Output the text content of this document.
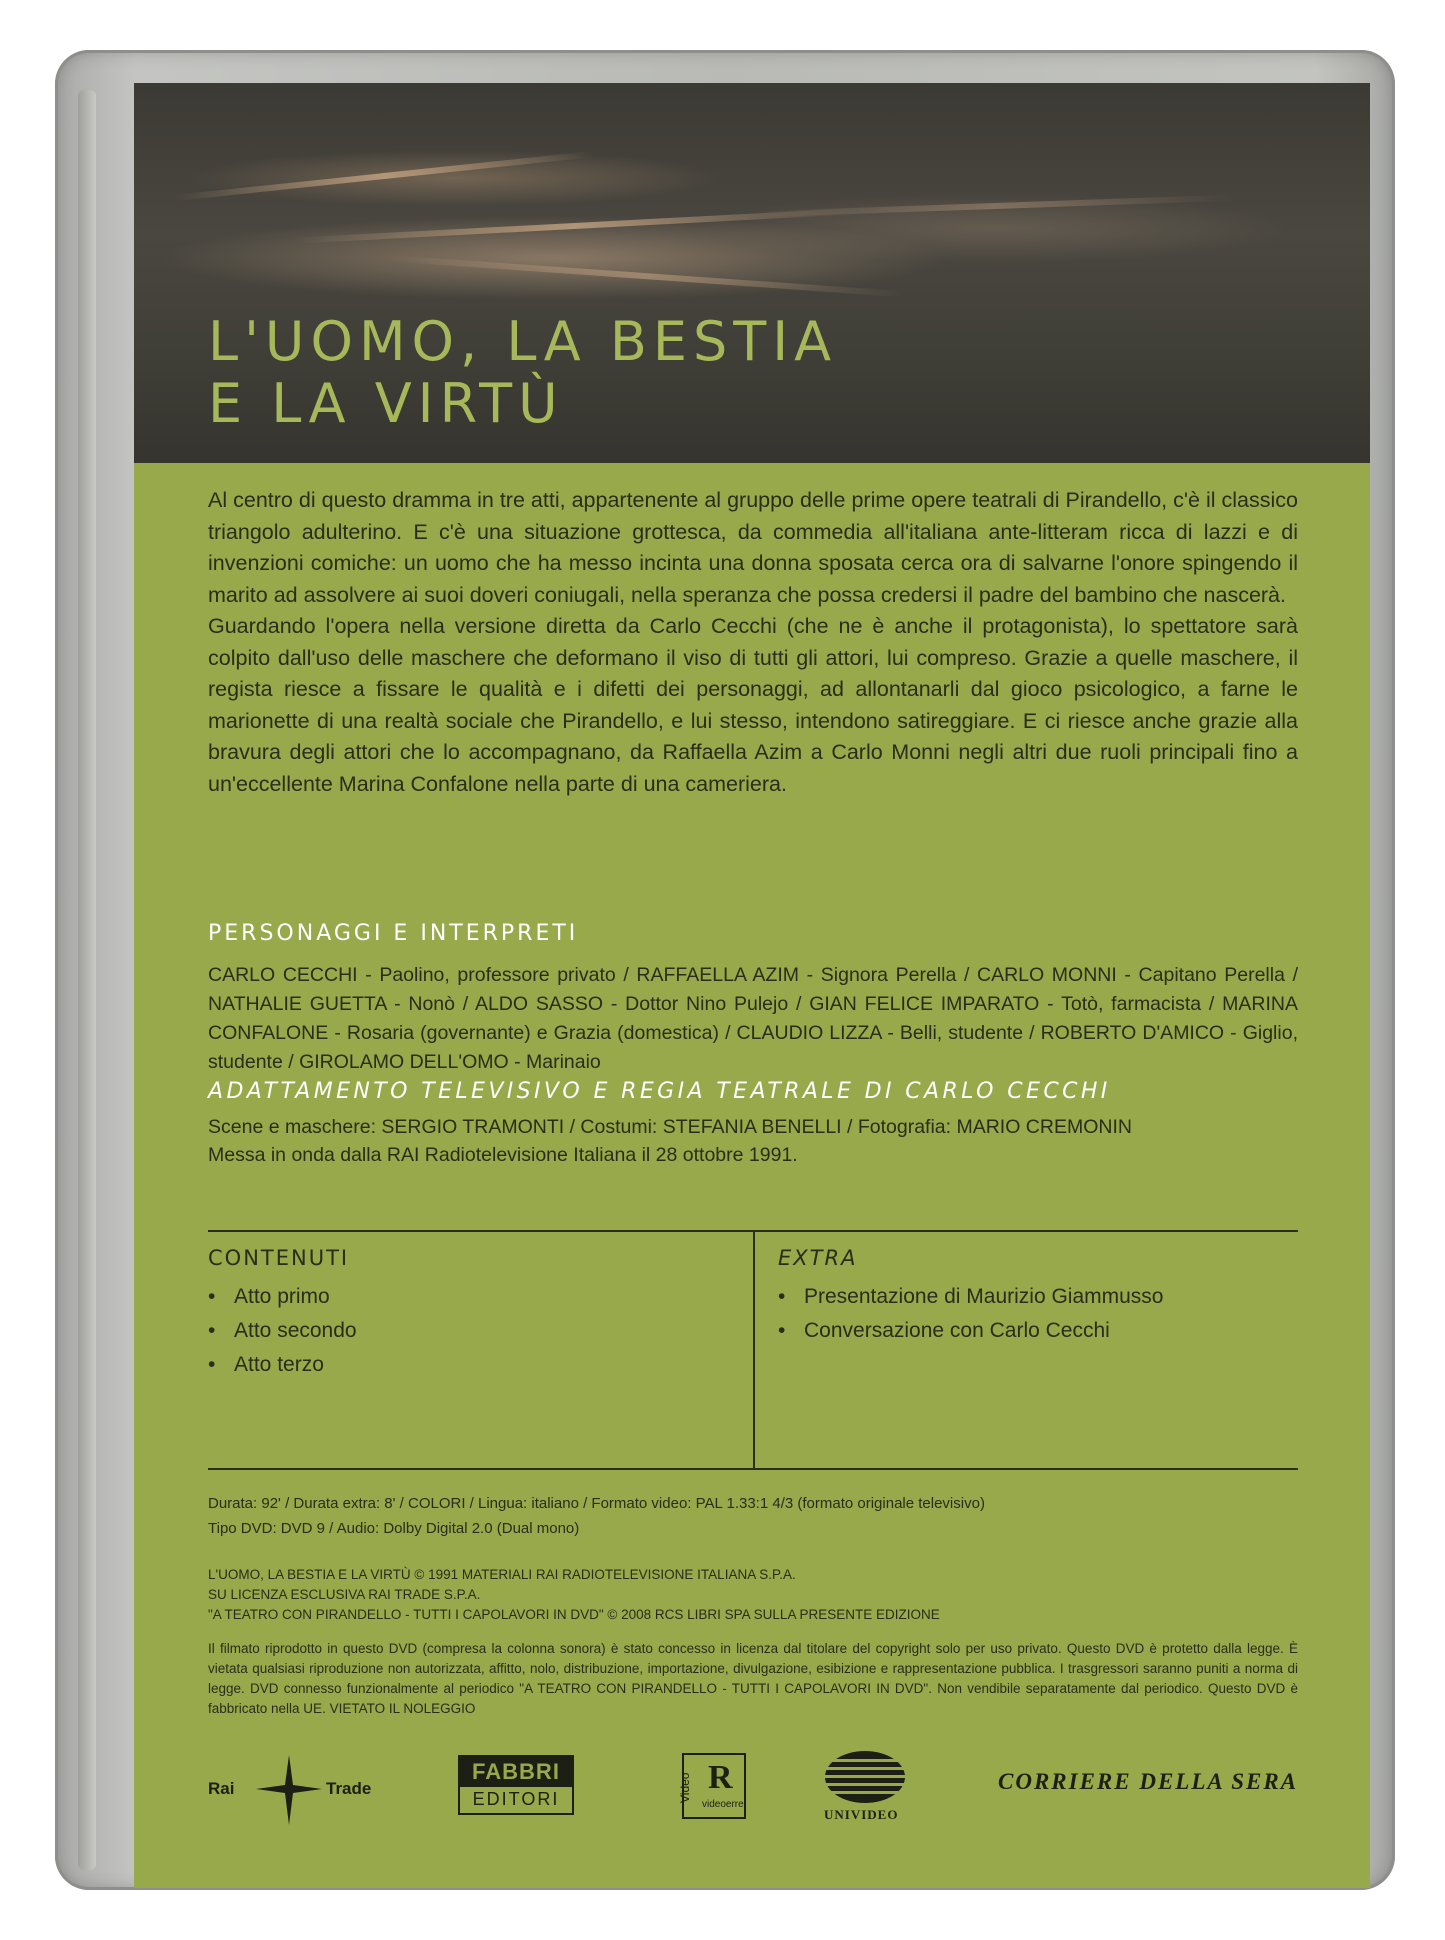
L'UOMO, LA BESTIA
E LA VIRTÙ

Al centro di questo dramma in tre atti, appartenente al gruppo delle prime opere teatrali di Pirandello, c'è il classico triangolo adulterino. E c'è una situazione grottesca, da commedia all'italiana ante-litteram ricca di lazzi e di invenzioni comiche: un uomo che ha messo incinta una donna sposata cerca ora di salvarne l'onore spingendo il marito ad assolvere ai suoi doveri coniugali, nella speranza che possa credersi il padre del bambino che nascerà.

Guardando l'opera nella versione diretta da Carlo Cecchi (che ne è anche il protagonista), lo spettatore sarà colpito dall'uso delle maschere che deformano il viso di tutti gli attori, lui compreso. Grazie a quelle maschere, il regista riesce a fissare le qualità e i difetti dei personaggi, ad allontanarli dal gioco psicologico, a farne le marionette di una realtà sociale che Pirandello, e lui stesso, intendono satireggiare. E ci riesce anche grazie alla bravura degli attori che lo accompagnano, da Raffaella Azim a Carlo Monni negli altri due ruoli principali fino a un'eccellente Marina Confalone nella parte di una cameriera.

PERSONAGGI E INTERPRETI
CARLO CECCHI - Paolino, professore privato / RAFFAELLA AZIM - Signora Perella / CARLO MONNI - Capitano Perella / NATHALIE GUETTA - Nonò / ALDO SASSO - Dottor Nino Pulejo / GIAN FELICE IMPARATO - Totò, farmacista / MARINA CONFALONE - Rosaria (governante) e Grazia (domestica) / CLAUDIO LIZZA - Belli, studente / ROBERTO D'AMICO - Giglio, studente / GIROLAMO DELL'OMO - Marinaio
ADATTAMENTO TELEVISIVO E REGIA TEATRALE DI CARLO CECCHI
Scene e maschere: SERGIO TRAMONTI / Costumi: STEFANIA BENELLI / Fotografia: MARIO CREMONIN
Messa in onda dalla RAI Radiotelevisione Italiana il 28 ottobre 1991.
CONTENUTI
• Atto primo
• Atto secondo
• Atto terzo
EXTRA
• Presentazione di Maurizio Giammusso
• Conversazione con Carlo Cecchi
Durata: 92' / Durata extra: 8' / COLORI / Lingua: italiano / Formato video: PAL 1.33:1 4/3 (formato originale televisivo)
Tipo DVD: DVD 9 / Audio: Dolby Digital 2.0 (Dual mono)
L'UOMO, LA BESTIA E LA VIRTÙ © 1991 MATERIALI RAI RADIOTELEVISIONE ITALIANA S.P.A.
SU LICENZA ESCLUSIVA RAI TRADE S.P.A.
"A TEATRO CON PIRANDELLO - TUTTI I CAPOLAVORI IN DVD" © 2008 RCS LIBRI SPA SULLA PRESENTE EDIZIONE
Il filmato riprodotto in questo DVD (compresa la colonna sonora) è stato concesso in licenza dal titolare del copyright solo per uso privato. Questo DVD è protetto dalla legge. È vietata qualsiasi riproduzione non autorizzata, affitto, nolo, distribuzione, importazione, divulgazione, esibizione e rappresentazione pubblica. I trasgressori saranno puniti a norma di legge. DVD connesso funzionalmente al periodico "A TEATRO CON PIRANDELLO - TUTTI I CAPOLAVORI IN DVD". Non vendibile separatamente dal periodico. Questo DVD è fabbricato nella UE. VIETATO IL NOLEGGIO
Rai	Trade
FABBRI
EDITORI	Video R
videoerre
UNIVIDEO
CORRIERE DELLA SERA
